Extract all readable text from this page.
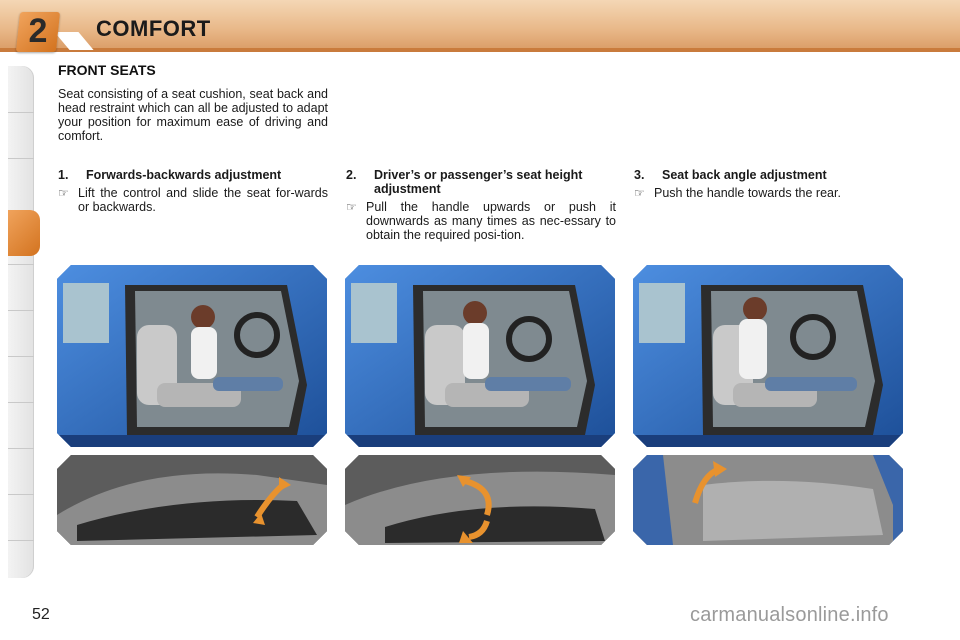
2	COMFORT
FRONT SEATS
Seat consisting of a seat cushion, seat back and head restraint which can all be adjusted to adapt your position for maximum ease of driving and comfort.
1.	Forwards-backwards adjustment
☞ Lift the control and slide the seat for-wards or backwards.
2.	Driver’s or passenger’s seat height adjustment
☞ Pull the handle upwards or push it downwards as many times as nec-essary to obtain the required posi-tion.
3.	Seat back angle adjustment
☞ Push the handle towards the rear.
52	carmanualsonline.info
